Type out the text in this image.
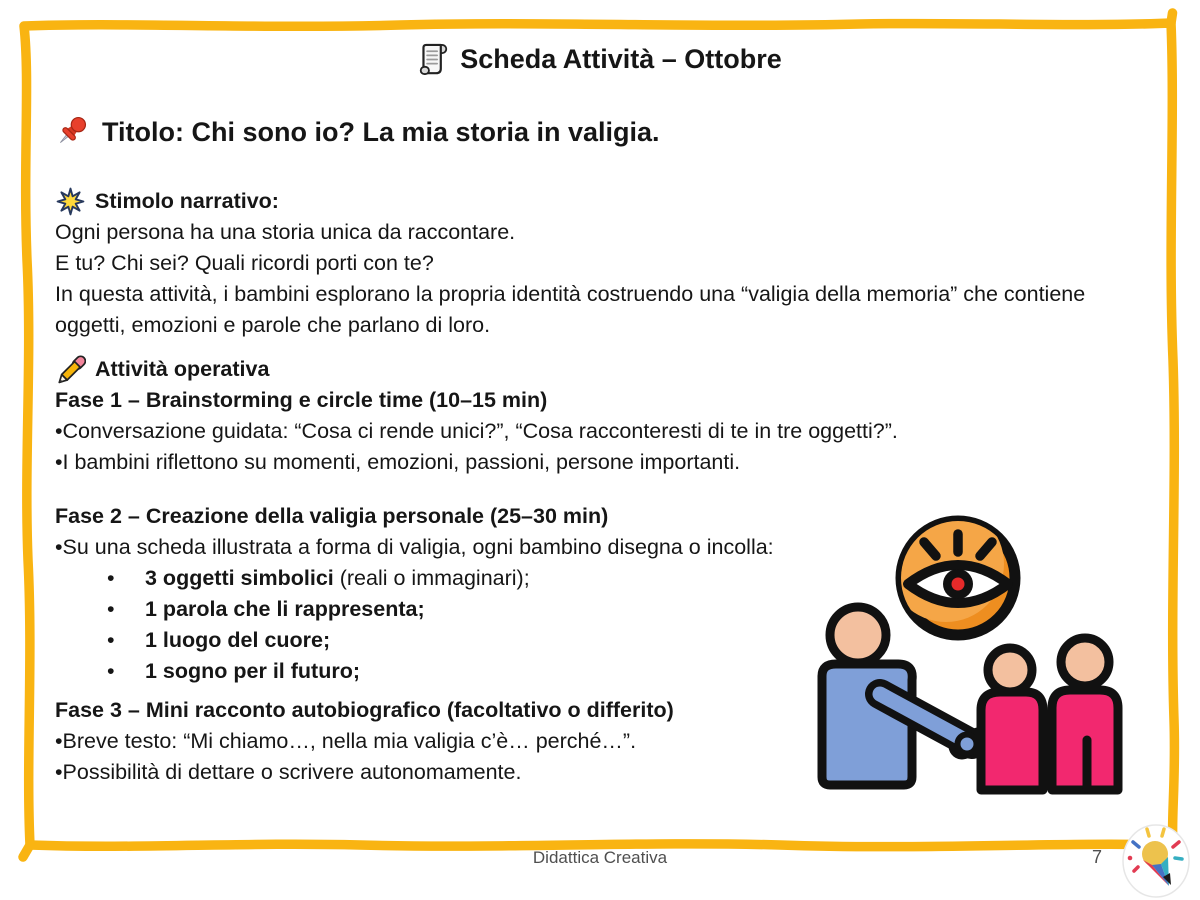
Scheda Attività – Ottobre
Titolo: Chi sono io? La mia storia in valigia.
Stimolo narrativo:
Ogni persona ha una storia unica da raccontare.
E tu? Chi sei? Quali ricordi porti con te?
In questa attività, i bambini esplorano la propria identità costruendo una “valigia della memoria” che contiene oggetti, emozioni e parole che parlano di loro.
Attività operativa
Fase 1 – Brainstorming e circle time (10–15 min)
•Conversazione guidata: “Cosa ci rende unici?”, “Cosa racconteresti di te in tre oggetti?”.
•I bambini riflettono su momenti, emozioni, passioni, persone importanti.
Fase 2 – Creazione della valigia personale (25–30 min)
•Su una scheda illustrata a forma di valigia, ogni bambino disegna o incolla:
•	3 oggetti simbolici (reali o immaginari);
•	1 parola che li rappresenta;
•	1 luogo del cuore;
•	1 sogno per il futuro;
Fase 3 – Mini racconto autobiografico (facoltativo o differito)
•Breve testo: “Mi chiamo…, nella mia valigia c’è… perché…”.
•Possibilità di dettare o scrivere autonomamente.
Didattica Creativa	7
